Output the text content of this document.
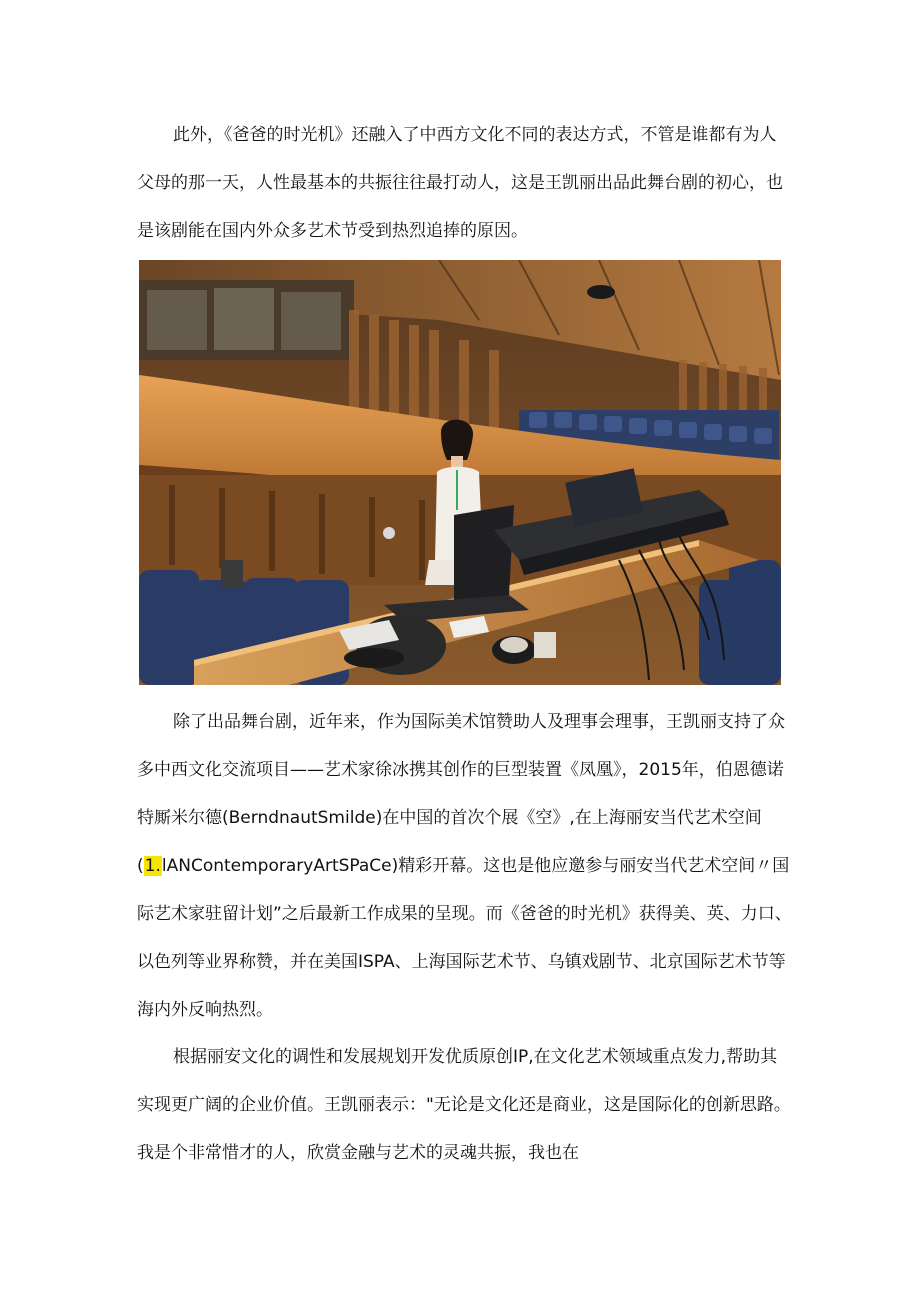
此外，《爸爸的时光机》还融入了中西方文化不同的表达方式，不管是谁都有为人
父母的那一天，人性最基本的共振往往最打动人，这是王凯丽出品此舞台剧的初心，也
是该剧能在国内外众多艺术节受到热烈追捧的原因。

除了出品舞台剧，近年来，作为国际美术馆赞助人及理事会理事，王凯丽支持了众
多中西文化交流项目——艺术家徐冰携其创作的巨型装置《凤凰》，2015年，伯恩德诺
特厮米尔德(BerndnautSmilde)在中国的首次个展《空》,在上海丽安当代艺术空间
(1.lANContemporaryArtSPaCe)精彩开幕。这也是他应邀参与丽安当代艺术空间〃国
际艺术家驻留计划”之后最新工作成果的呈现。而《爸爸的时光机》获得美、英、力口、
以色列等业界称赞，并在美国ISPA、上海国际艺术节、乌镇戏剧节、北京国际艺术节等
海内外反响热烈。

根据丽安文化的调性和发展规划开发优质原创IP,在文化艺术领域重点发力,帮助其
实现更广阔的企业价值。王凯丽表示："无论是文化还是商业，这是国际化的创新思路。
我是个非常惜才的人，欣赏金融与艺术的灵魂共振，我也在
